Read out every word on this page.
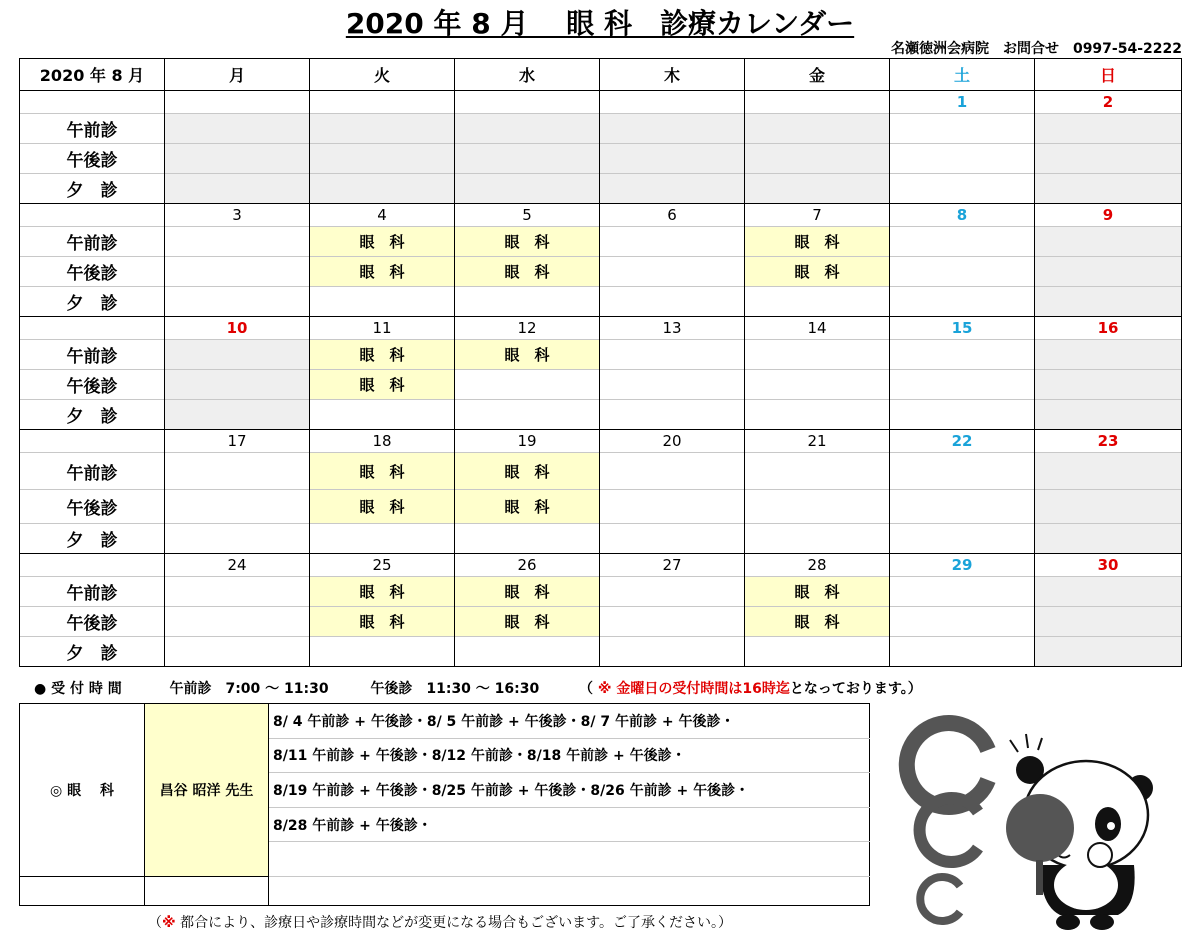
2020 年 8 月　 眼 科　診療カレンダー
名瀬徳洲会病院　お問合せ　0997-54-2222
2020 年 8 月	月	火	水	木	金	土	日
						1	2
午前診							
午後診							
夕　診							
	3	4	5	6	7	8	9
午前診		眼　科	眼　科		眼　科		
午後診		眼　科	眼　科		眼　科		
夕　診							
	10	11	12	13	14	15	16
午前診		眼　科	眼　科				
午後診		眼　科					
夕　診							
	17	18	19	20	21	22	23
午前診		眼　科	眼　科				
午後診		眼　科	眼　科				
夕　診							
	24	25	26	27	28	29	30
午前診		眼　科	眼　科		眼　科		
午後診		眼　科	眼　科		眼　科		
夕　診							
● 受 付 時 間	午前診　7:00 ～ 11:30	午後診　11:30 ～ 16:30	（ ※ 金曜日の受付時間は16時迄となっております。）
◎ 眼　 科	昌谷 昭洋 先生	8/ 4 午前診 + 午後診・8/ 5 午前診 + 午後診・8/ 7 午前診 + 午後診・
		8/11 午前診 + 午後診・8/12 午前診・8/18 午前診 + 午後診・
		8/19 午前診 + 午後診・8/25 午前診 + 午後診・8/26 午前診 + 午後診・
		8/28 午前診 + 午後診・

（※ 都合により、診療日や診療時間などが変更になる場合もございます。ご了承ください。）
